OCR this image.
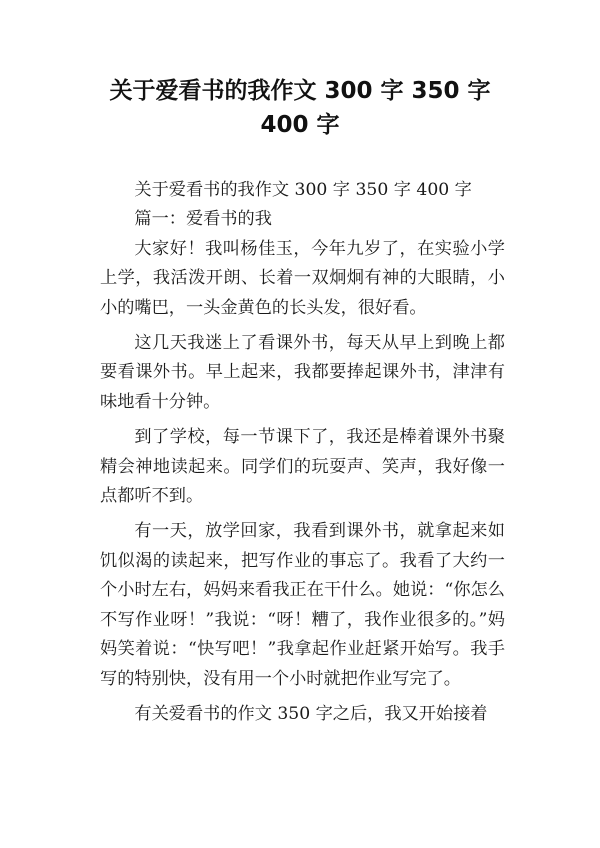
关于爱看书的我作文 300 字 350 字
400 字

关于爱看书的我作文 300 字 350 字 400 字

篇一：爱看书的我

大家好！我叫杨佳玉，今年九岁了，在实验小学上学，我活泼开朗、长着一双炯炯有神的大眼睛，小小的嘴巴，一头金黄色的长头发，很好看。

这几天我迷上了看课外书，每天从早上到晚上都要看课外书。早上起来，我都要捧起课外书，津津有味地看十分钟。

到了学校，每一节课下了，我还是棒着课外书聚精会神地读起来。同学们的玩耍声、笑声，我好像一点都听不到。

有一天，放学回家，我看到课外书，就拿起来如饥似渴的读起来，把写作业的事忘了。我看了大约一个小时左右，妈妈来看我正在干什么。她说：“你怎么不写作业呀！”我说：“呀！糟了，我作业很多的。”妈妈笑着说：“快写吧！”我拿起作业赶紧开始写。我手写的特别快，没有用一个小时就把作业写完了。

有关爱看书的作文 350 字之后，我又开始接着
